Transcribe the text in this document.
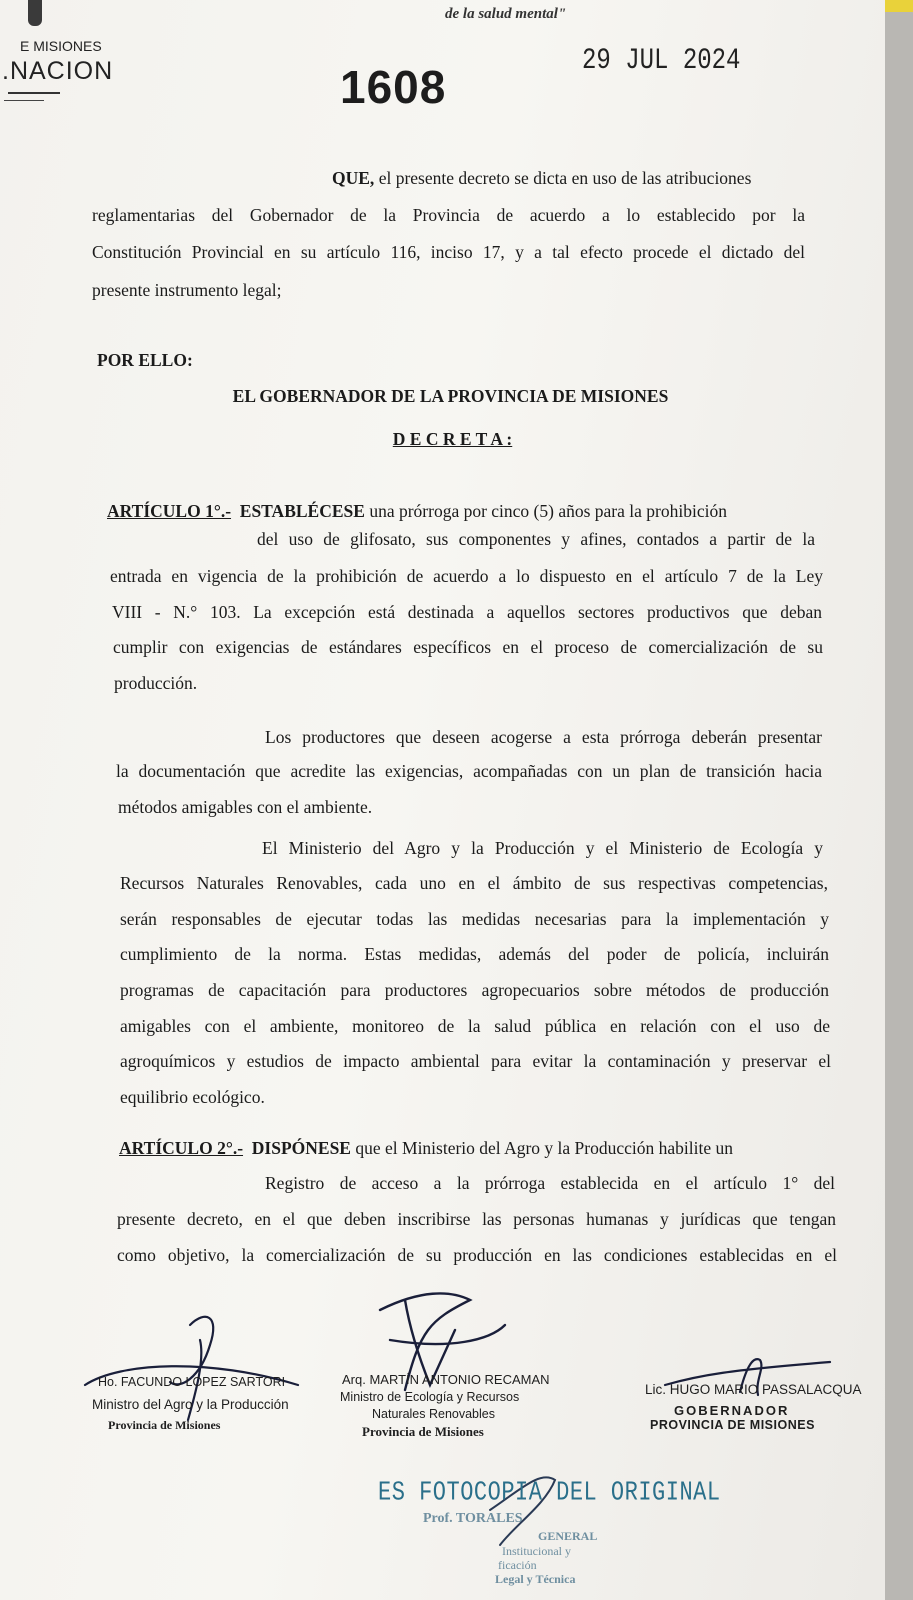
de la salud mental"
E MISIONES
.NACION	1608
29 JUL 2024
QUE, el presente decreto se dicta en uso de las atribuciones
reglamentarias del Gobernador de la Provincia de acuerdo a lo establecido por la
Constitución Provincial en su artículo 116, inciso 17, y a tal efecto procede el dictado del
presente instrumento legal;
POR ELLO:
EL GOBERNADOR DE LA PROVINCIA DE MISIONES
D E C R E T A :
ARTÍCULO 1°.- ESTABLÉCESE una prórroga por cinco (5) años para la prohibición
del uso de glifosato, sus componentes y afines, contados a partir de la
entrada en vigencia de la prohibición de acuerdo a lo dispuesto en el artículo 7 de la Ley
VIII - N.° 103. La excepción está destinada a aquellos sectores productivos que deban
cumplir con exigencias de estándares específicos en el proceso de comercialización de su
producción.
Los productores que deseen acogerse a esta prórroga deberán presentar
la documentación que acredite las exigencias, acompañadas con un plan de transición hacia
métodos amigables con el ambiente.
El Ministerio del Agro y la Producción y el Ministerio de Ecología y
Recursos Naturales Renovables, cada uno en el ámbito de sus respectivas competencias,
serán responsables de ejecutar todas las medidas necesarias para la implementación y
cumplimiento de la norma. Estas medidas, además del poder de policía, incluirán
programas de capacitación para productores agropecuarios sobre métodos de producción
amigables con el ambiente, monitoreo de la salud pública en relación con el uso de
agroquímicos y estudios de impacto ambiental para evitar la contaminación y preservar el
equilibrio ecológico.
ARTÍCULO 2°.- DISPÓNESE que el Ministerio del Agro y la Producción habilite un
Registro de acceso a la prórroga establecida en el artículo 1° del
presente decreto, en el que deben inscribirse las personas humanas y jurídicas que tengan
como objetivo, la comercialización de su producción en las condiciones establecidas en el
Ho. FACUNDO LOPEZ SARTORI
Ministro del Agro y la Producción
Provincia de Misiones
Arq. MARTÍN ANTONIO RECAMAN
Ministro de Ecología y Recursos
Naturales Renovables
Provincia de Misiones
Lic. HUGO MARIO PASSALACQUA
GOBERNADOR
PROVINCIA DE MISIONES
ES FOTOCOPIA DEL ORIGINAL
Prof. TORALES
GENERAL
Institucional y
ficación
Legal y Técnica
